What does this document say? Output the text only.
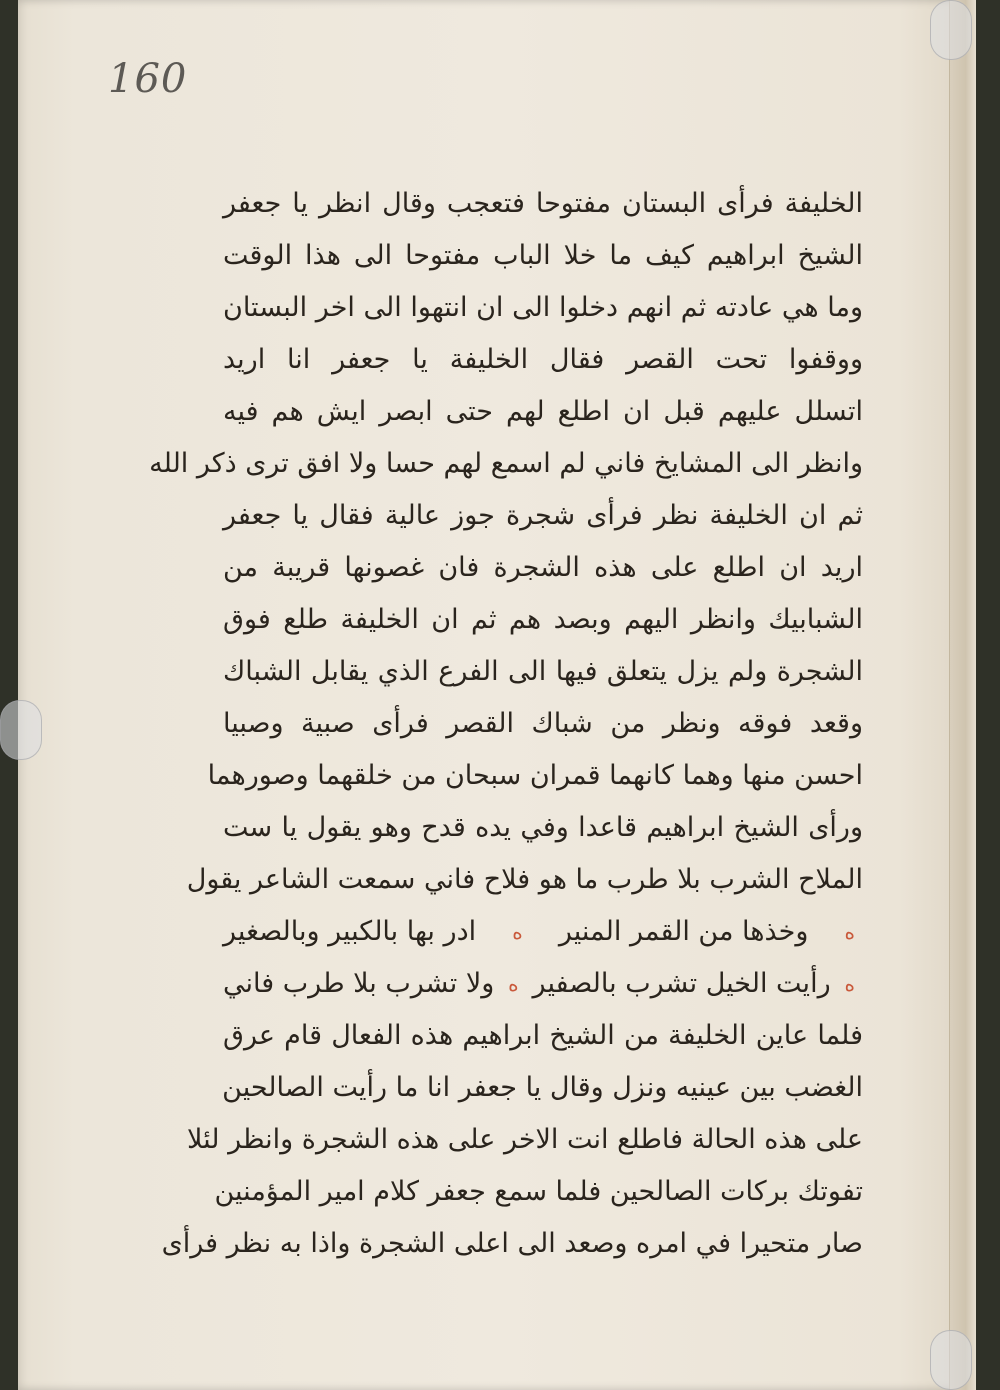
160
الخليفة فرأى البستان مفتوحا فتعجب وقال انظر يا جعفر
الشيخ ابراهيم كيف ما خلا الباب مفتوحا الى هذا الوقت
وما هي عادته ثم انهم دخلوا الى ان انتهوا الى اخر البستان
ووقفوا تحت القصر فقال الخليفة يا جعفر انا اريد
اتسلل عليهم قبل ان اطلع لهم حتى ابصر ايش هم فيه
وانظر الى المشايخ فاني لم اسمع لهم حسا ولا افق ترى ذكر الله
ثم ان الخليفة نظر فرأى شجرة جوز عالية فقال يا جعفر
اريد ان اطلع على هذه الشجرة فان غصونها قريبة من
الشبابيك وانظر اليهم وبصد هم ثم ان الخليفة طلع فوق
الشجرة ولم يزل يتعلق فيها الى الفرع الذي يقابل الشباك
وقعد فوقه ونظر من شباك القصر فرأى صبية وصبيا
احسن منها وهما كانهما قمران سبحان من خلقهما وصورهما
ورأى الشيخ ابراهيم قاعدا وفي يده قدح وهو يقول يا ست
الملاح الشرب بلا طرب ما هو فلاح فاني سمعت الشاعر يقول
ادر بها بالكبير وبالصغير ه وخذها من القمر المنير ه
ولا تشرب بلا طرب فاني ه رأيت الخيل تشرب بالصفير ه
فلما عاين الخليفة من الشيخ ابراهيم هذه الفعال قام عرق
الغضب بين عينيه ونزل وقال يا جعفر انا ما رأيت الصالحين
على هذه الحالة فاطلع انت الاخر على هذه الشجرة وانظر لئلا
تفوتك بركات الصالحين فلما سمع جعفر كلام امير المؤمنين
صار متحيرا في امره وصعد الى اعلى الشجرة واذا به نظر فرأى
